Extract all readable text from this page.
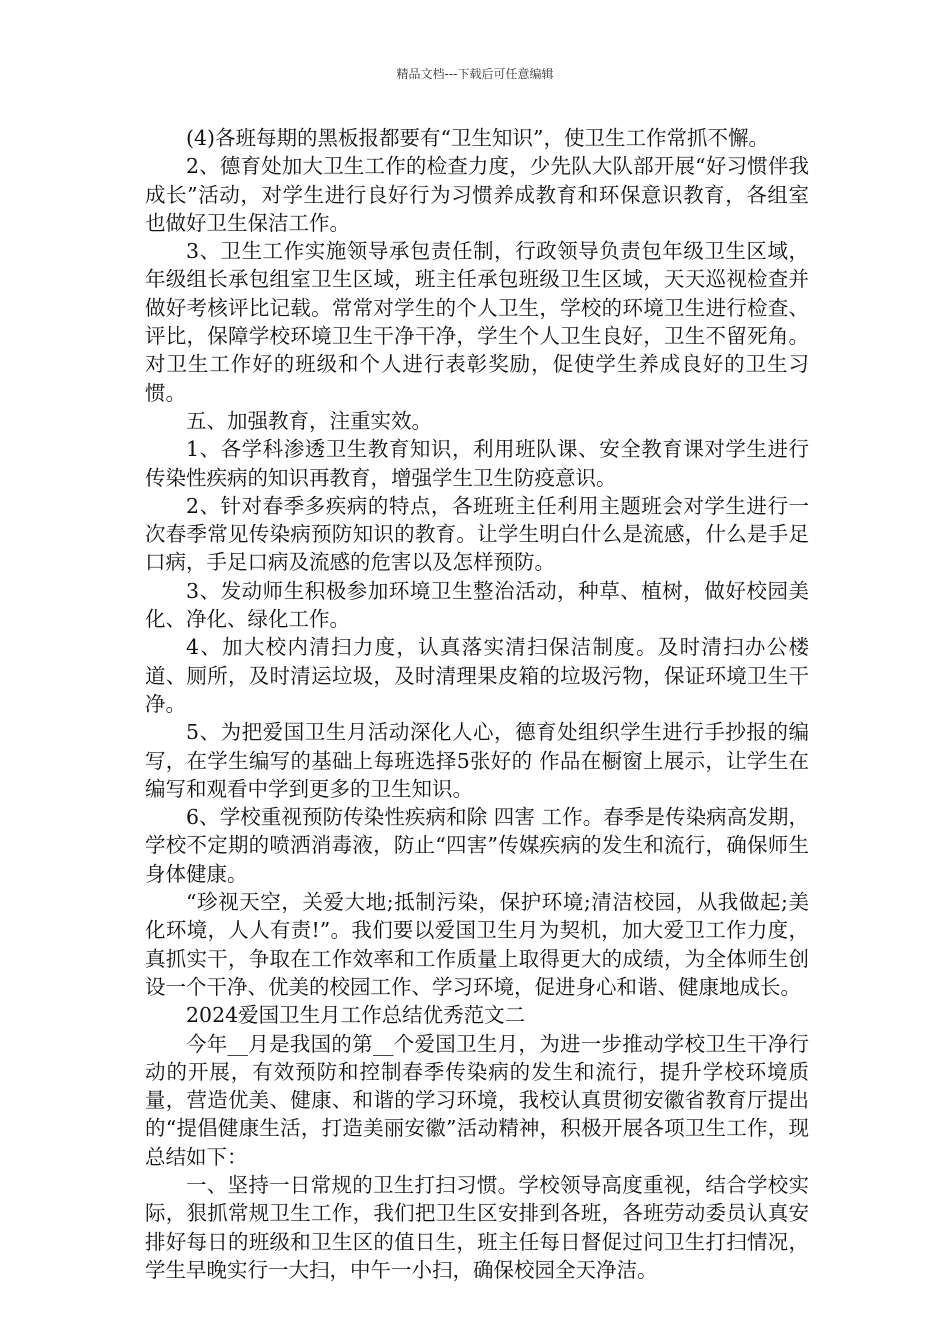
精品文档---下载后可任意编辑

(4)各班每期的黑板报都要有“卫生知识”，使卫生工作常抓不懈。

2、德育处加大卫生工作的检查力度，少先队大队部开展“好习惯伴我成长”活动，对学生进行良好行为习惯养成教育和环保意识教育，各组室也做好卫生保洁工作。

3、卫生工作实施领导承包责任制，行政领导负责包年级卫生区域，年级组长承包组室卫生区域，班主任承包班级卫生区域，天天巡视检查并做好考核评比记载。常常对学生的个人卫生，学校的环境卫生进行检查、评比，保障学校环境卫生干净干净，学生个人卫生良好，卫生不留死角。对卫生工作好的班级和个人进行表彰奖励，促使学生养成良好的卫生习惯。

五、加强教育，注重实效。

1、各学科渗透卫生教育知识，利用班队课、安全教育课对学生进行传染性疾病的知识再教育，增强学生卫生防疫意识。

2、针对春季多疾病的特点，各班班主任利用主题班会对学生进行一次春季常见传染病预防知识的教育。让学生明白什么是流感，什么是手足口病，手足口病及流感的危害以及怎样预防。

3、发动师生积极参加环境卫生整治活动，种草、植树，做好校园美化、净化、绿化工作。

4、加大校内清扫力度，认真落实清扫保洁制度。及时清扫办公楼道、厕所，及时清运垃圾，及时清理果皮箱的垃圾污物，保证环境卫生干净。

5、为把爱国卫生月活动深化人心，德育处组织学生进行手抄报的编写，在学生编写的基础上每班选择5张好的 作品在橱窗上展示，让学生在编写和观看中学到更多的卫生知识。

6、学校重视预防传染性疾病和除 四害 工作。春季是传染病高发期，学校不定期的喷洒消毒液，防止“四害”传媒疾病的发生和流行，确保师生身体健康。

“珍视天空，关爱大地;抵制污染，保护环境;清洁校园，从我做起;美化环境，人人有责!”。我们要以爱国卫生月为契机，加大爱卫工作力度，真抓实干，争取在工作效率和工作质量上取得更大的成绩，为全体师生创设一个干净、优美的校园工作、学习环境，促进身心和谐、健康地成长。

2024爱国卫生月工作总结优秀范文二

今年__月是我国的第__个爱国卫生月，为进一步推动学校卫生干净行动的开展，有效预防和控制春季传染病的发生和流行，提升学校环境质量，营造优美、健康、和谐的学习环境，我校认真贯彻安徽省教育厅提出的“提倡健康生活，打造美丽安徽”活动精神，积极开展各项卫生工作，现总结如下：

一、坚持一日常规的卫生打扫习惯。学校领导高度重视，结合学校实际，狠抓常规卫生工作，我们把卫生区安排到各班，各班劳动委员认真安排好每日的班级和卫生区的值日生，班主任每日督促过问卫生打扫情况，学生早晚实行一大扫，中午一小扫，确保校园全天净洁。
